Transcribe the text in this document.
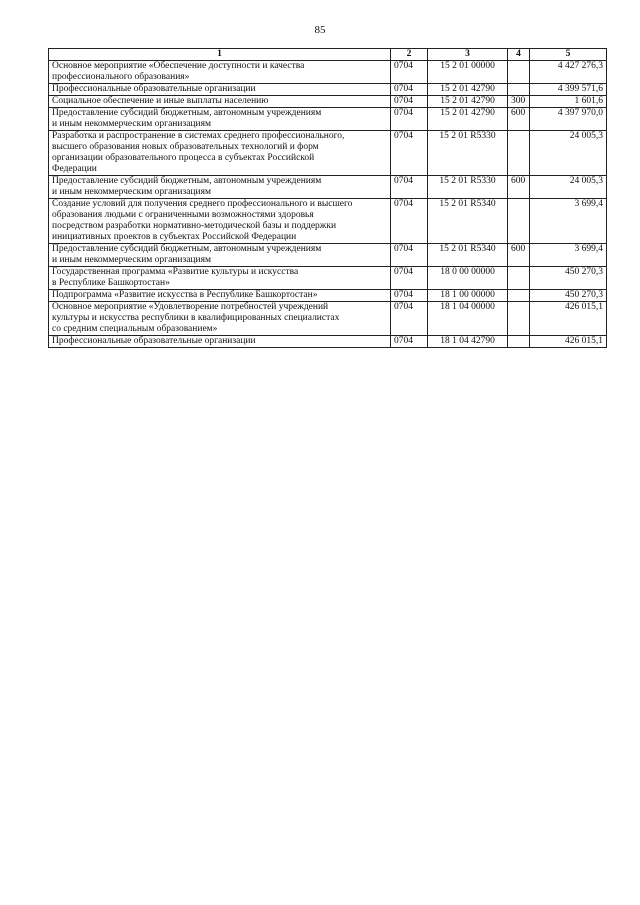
85
1	2	3	4	5
Основное мероприятие «Обеспечение доступности и качества
профессионального образования»	0704	15 2 01 00000		4 427 276,3
Профессиональные образовательные организации	0704	15 2 01 42790		4 399 571,6
Социальное обеспечение и иные выплаты населению	0704	15 2 01 42790	300	1 601,6
Предоставление субсидий бюджетным, автономным учреждениям
и иным некоммерческим организациям	0704	15 2 01 42790	600	4 397 970,0
Разработка и распространение в системах среднего профессионального,
высшего образования новых образовательных технологий и форм
организации образовательного процесса в субъектах Российской
Федерации	0704	15 2 01 R5330		24 005,3
Предоставление субсидий бюджетным, автономным учреждениям
и иным некоммерческим организациям	0704	15 2 01 R5330	600	24 005,3
Создание условий для получения среднего профессионального и высшего
образования людьми с ограниченными возможностями здоровья
посредством разработки нормативно-методической базы и поддержки
инициативных проектов в субъектах Российской Федерации	0704	15 2 01 R5340		3 699,4
Предоставление субсидий бюджетным, автономным учреждениям
и иным некоммерческим организациям	0704	15 2 01 R5340	600	3 699,4
Государственная программа «Развитие культуры и искусства
в Республике Башкортостан»	0704	18 0 00 00000		450 270,3
Подпрограмма «Развитие искусства в Республике Башкортостан»	0704	18 1 00 00000		450 270,3
Основное мероприятие «Удовлетворение потребностей учреждений
культуры и искусства республики в квалифицированных специалистах
со средним специальным образованием»	0704	18 1 04 00000		426 015,1
Профессиональные образовательные организации	0704	18 1 04 42790		426 015,1
